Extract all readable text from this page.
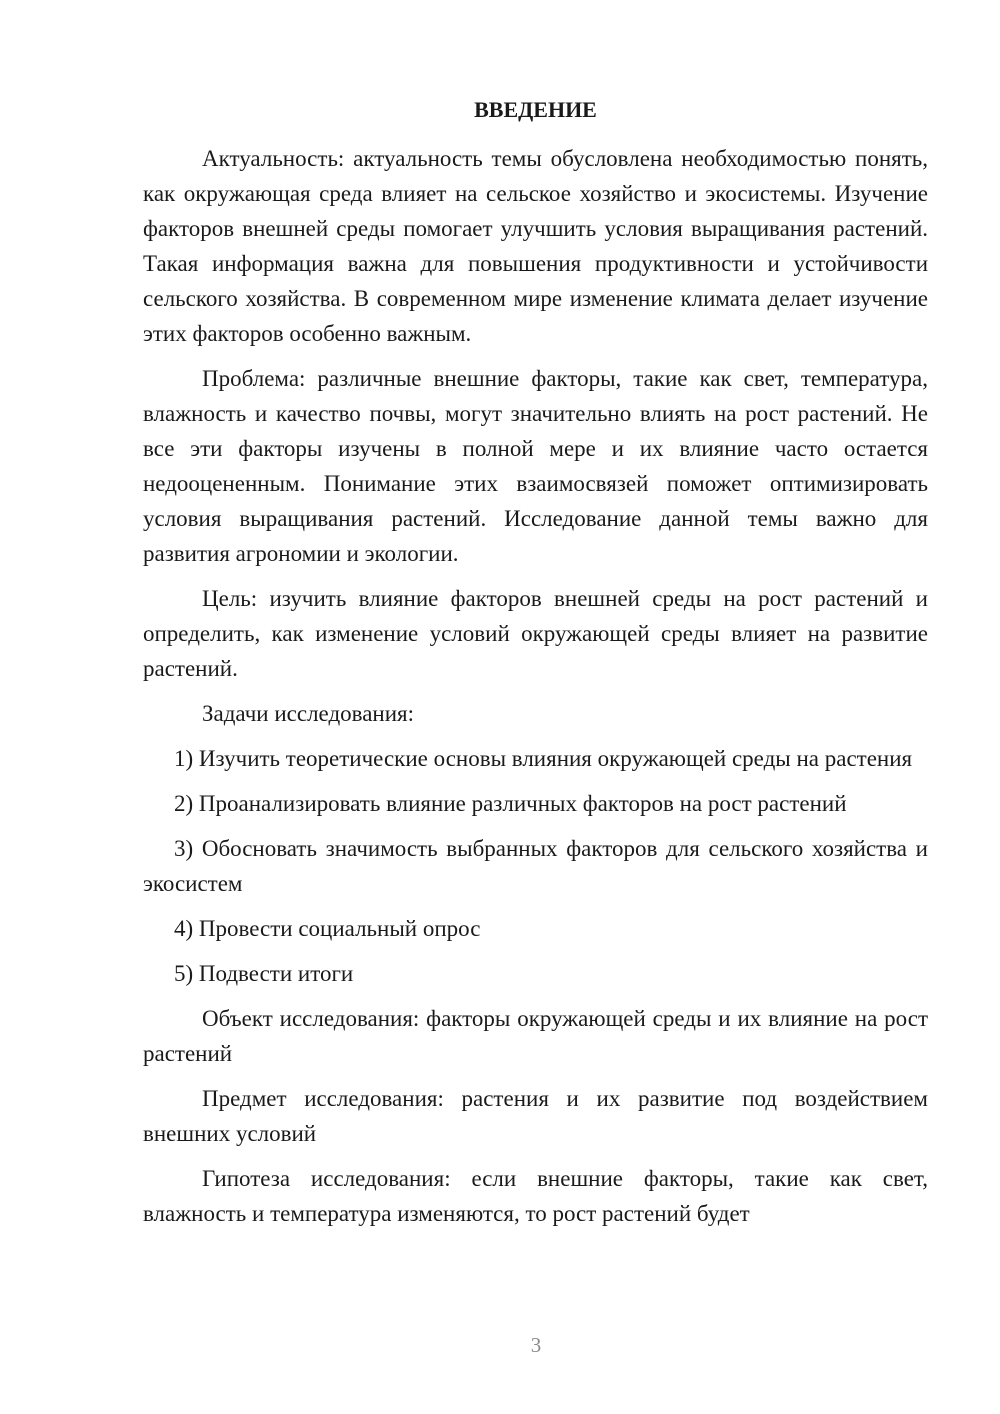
ВВЕДЕНИЕ

Актуальность: актуальность темы обусловлена необходимостью понять, как окружающая среда влияет на сельское хозяйство и экосистемы. Изучение факторов внешней среды помогает улучшить условия выращивания растений. Такая информация важна для повышения продуктивности и устойчивости сельского хозяйства. В современном мире изменение климата делает изучение этих факторов особенно важным.

Проблема: различные внешние факторы, такие как свет, температура, влажность и качество почвы, могут значительно влиять на рост растений. Не все эти факторы изучены в полной мере и их влияние часто остается недооцененным. Понимание этих взаимосвязей поможет оптимизировать условия выращивания растений. Исследование данной темы важно для развития агрономии и экологии.

Цель: изучить влияние факторов внешней среды на рост растений и определить, как изменение условий окружающей среды влияет на развитие растений.

Задачи исследования:

1) Изучить теоретические основы влияния окружающей среды на растения

2) Проанализировать влияние различных факторов на рост растений

3) Обосновать значимость выбранных факторов для сельского хозяйства и экосистем

4) Провести социальный опрос

5) Подвести итоги

Объект исследования: факторы окружающей среды и их влияние на рост растений

Предмет исследования: растения и их развитие под воздействием внешних условий

Гипотеза исследования: если внешние факторы, такие как свет, влажность и температура изменяются, то рост растений будет

3
